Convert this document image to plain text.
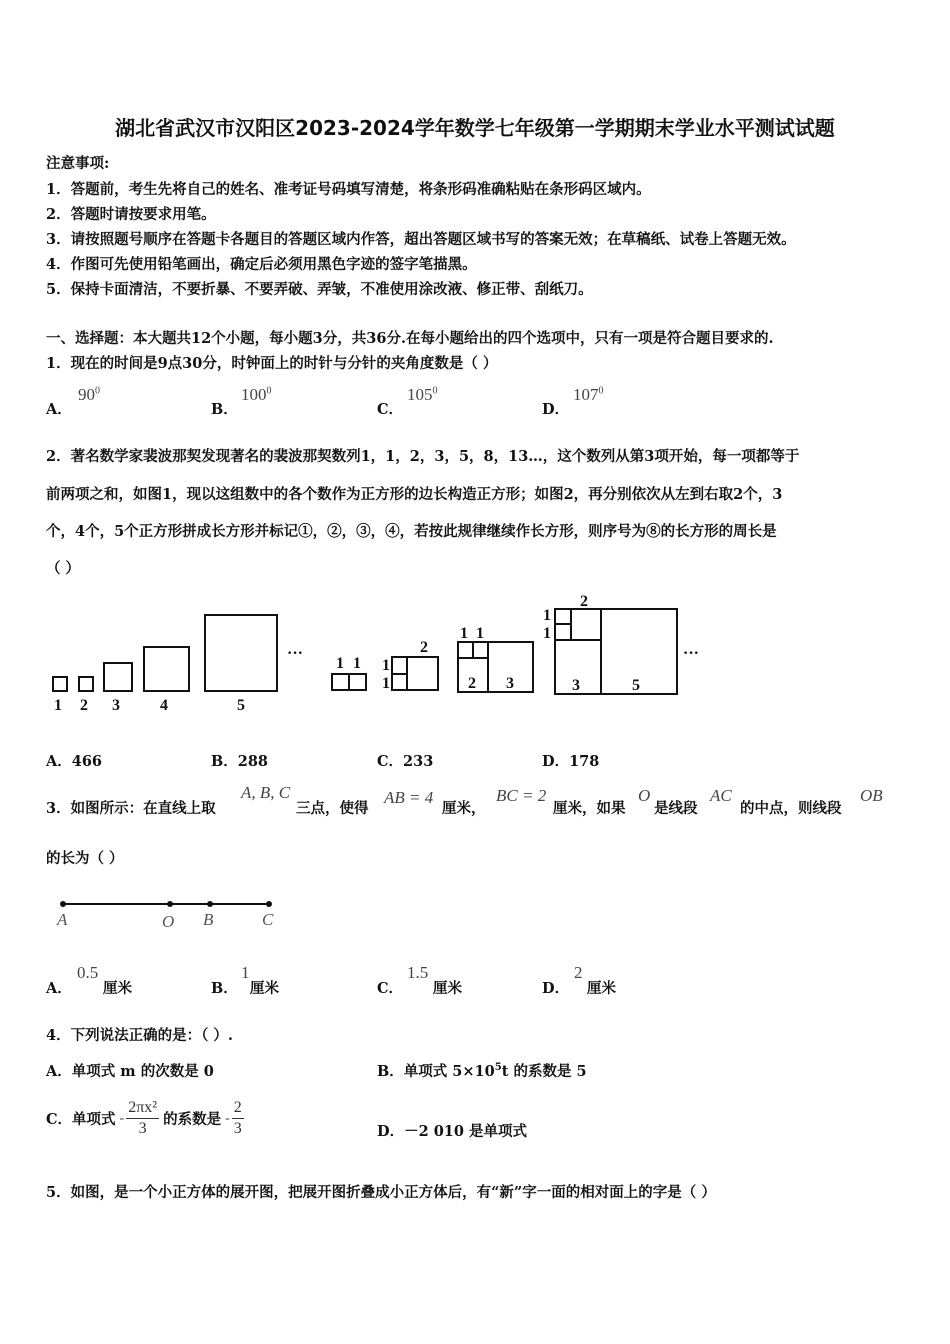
湖北省武汉市汉阳区2023-2024学年数学七年级第一学期期末学业水平测试试题
注意事项:
1．答题前，考生先将自己的姓名、准考证号码填写清楚，将条形码准确粘贴在条形码区域内。
2．答题时请按要求用笔。
3．请按照题号顺序在答题卡各题目的答题区域内作答，超出答题区域书写的答案无效；在草稿纸、试卷上答题无效。
4．作图可先使用铅笔画出，确定后必须用黑色字迹的签字笔描黑。
5．保持卡面清洁，不要折暴、不要弄破、弄皱，不准使用涂改液、修正带、刮纸刀。
一、选择题：本大题共12个小题，每小题3分，共36分.在每小题给出的四个选项中，只有一项是符合题目要求的.
1．现在的时间是9点30分，时钟面上的时针与分针的夹角度数是（ ）
A．
$90^0$
B．
$100^0$
C．
$105^0$
D．
$107^0$
2．著名数学家裴波那契发现著名的裴波那契数列1，1，2，3，5，8，13…，这个数列从第3项开始，每一项都等于
前两项之和，如图1，现以这组数中的各个数作为正方形的边长构造正方形；如图2，再分别依次从左到右取2个，3
个，4个，5个正方形拼成长方形并标记①，②，③，④，若按此规律继续作长方形，则序号为⑧的长方形的周长是
（ ）
1 2 3	4	5
···
1 1 1
1
2
1 1
2 3
1
1
2
3	5
···
A．466	B．288	C．233	D．178
3．如图所示：在直线上取
A, B, C
三点，使得
AB = 4
厘米，
BC = 2
厘米，如果
O
是线段
AC
的中点，则线段
OB
的长为（ ）
A	O B	C
A．
0.5
厘米	B．
1
厘米	C．
1.5
厘米	D．
2
厘米
4．下列说法正确的是：（ ）.
A．单项式 m 的次数是 0	B．单项式 $5\times 10^5t$ 的系数是 5
C．单项式 - $\frac{\text{2πx²}}{3}$ 的系数是 - $\frac{2}{3}$	D．－2 010 是单项式
5．如图，是一个小正方体的展开图，把展开图折叠成小正方体后，有“新”字一面的相对面上的字是（ ）
